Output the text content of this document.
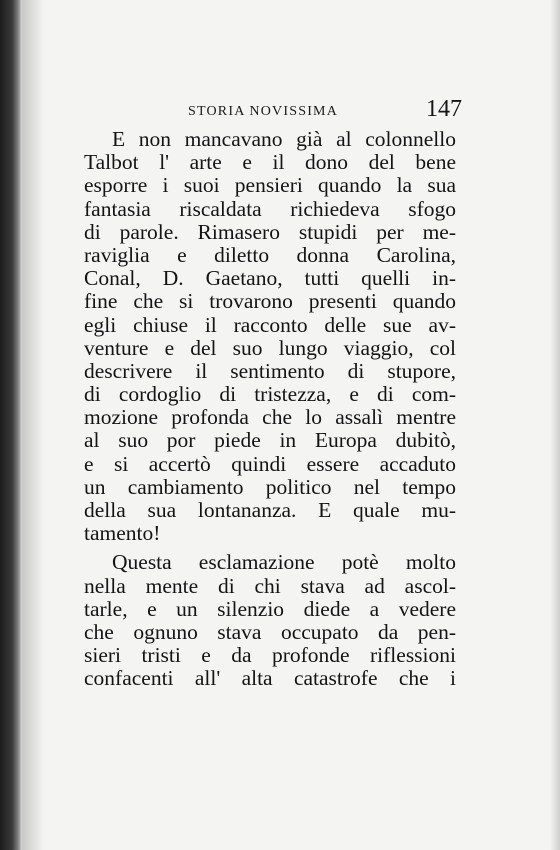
STORIA NOVISSIMA	147
E non mancavano già al colonnello
Talbot l' arte e il dono del bene
esporre i suoi pensieri quando la sua
fantasia riscaldata richiedeva sfogo
di parole. Rimasero stupidi per me-
raviglia e diletto donna Carolina,
Conal, D. Gaetano, tutti quelli in-
fine che si trovarono presenti quando
egli chiuse il racconto delle sue av-
venture e del suo lungo viaggio, col
descrivere il sentimento di stupore,
di cordoglio di tristezza, e di com-
mozione profonda che lo assalì mentre
al suo por piede in Europa dubitò,
e si accertò quindi essere accaduto
un cambiamento politico nel tempo
della sua lontananza. E quale mu-
tamento!
Questa esclamazione potè molto
nella mente di chi stava ad ascol-
tarle, e un silenzio diede a vedere
che ognuno stava occupato da pen-
sieri tristi e da profonde riflessioni
confacenti all' alta catastrofe che i
